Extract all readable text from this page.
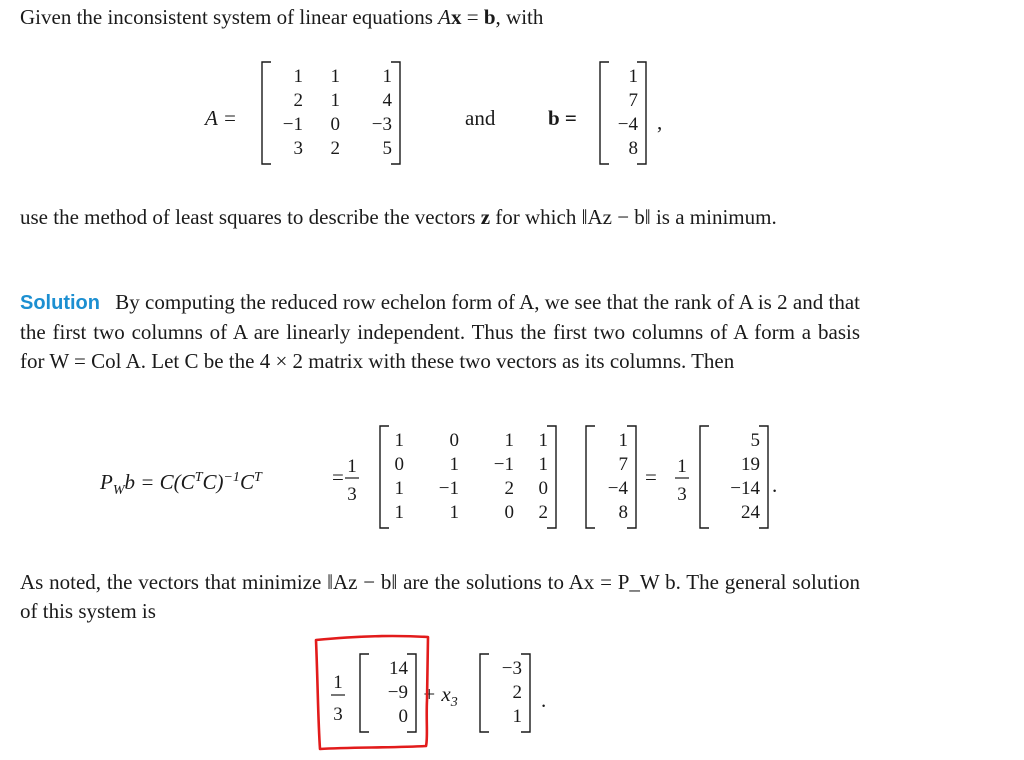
Given the inconsistent system of linear equations Ax = b, with
A =	and	b =	,
use the method of least squares to describe the vectors z for which ‖Az − b‖ is a minimum.
Solution By computing the reduced row echelon form of A, we see that the rank of A is 2 and that the first two columns of A are linearly independent. Thus the first two columns of A form a basis for W = Col A. Let C be the 4 × 2 matrix with these two vectors as its columns. Then
$P_Wb = C(C^TC)^{-1}C^T$	=	=	.
As noted, the vectors that minimize ‖Az − b‖ are the solutions to Ax = P_W b. The general solution of this system is
+ $x_3$	.
1 1 1
2 1 4
−1 0 −3
3 2 5
1
7
−4
8
1 0 1 1
0 1 −1 1
1 −1 2 0
1 1 0 2
1
7
−4
8
5
19
−14
24
14
−9
0
−3
2
1
1
3
1
3
1
3
